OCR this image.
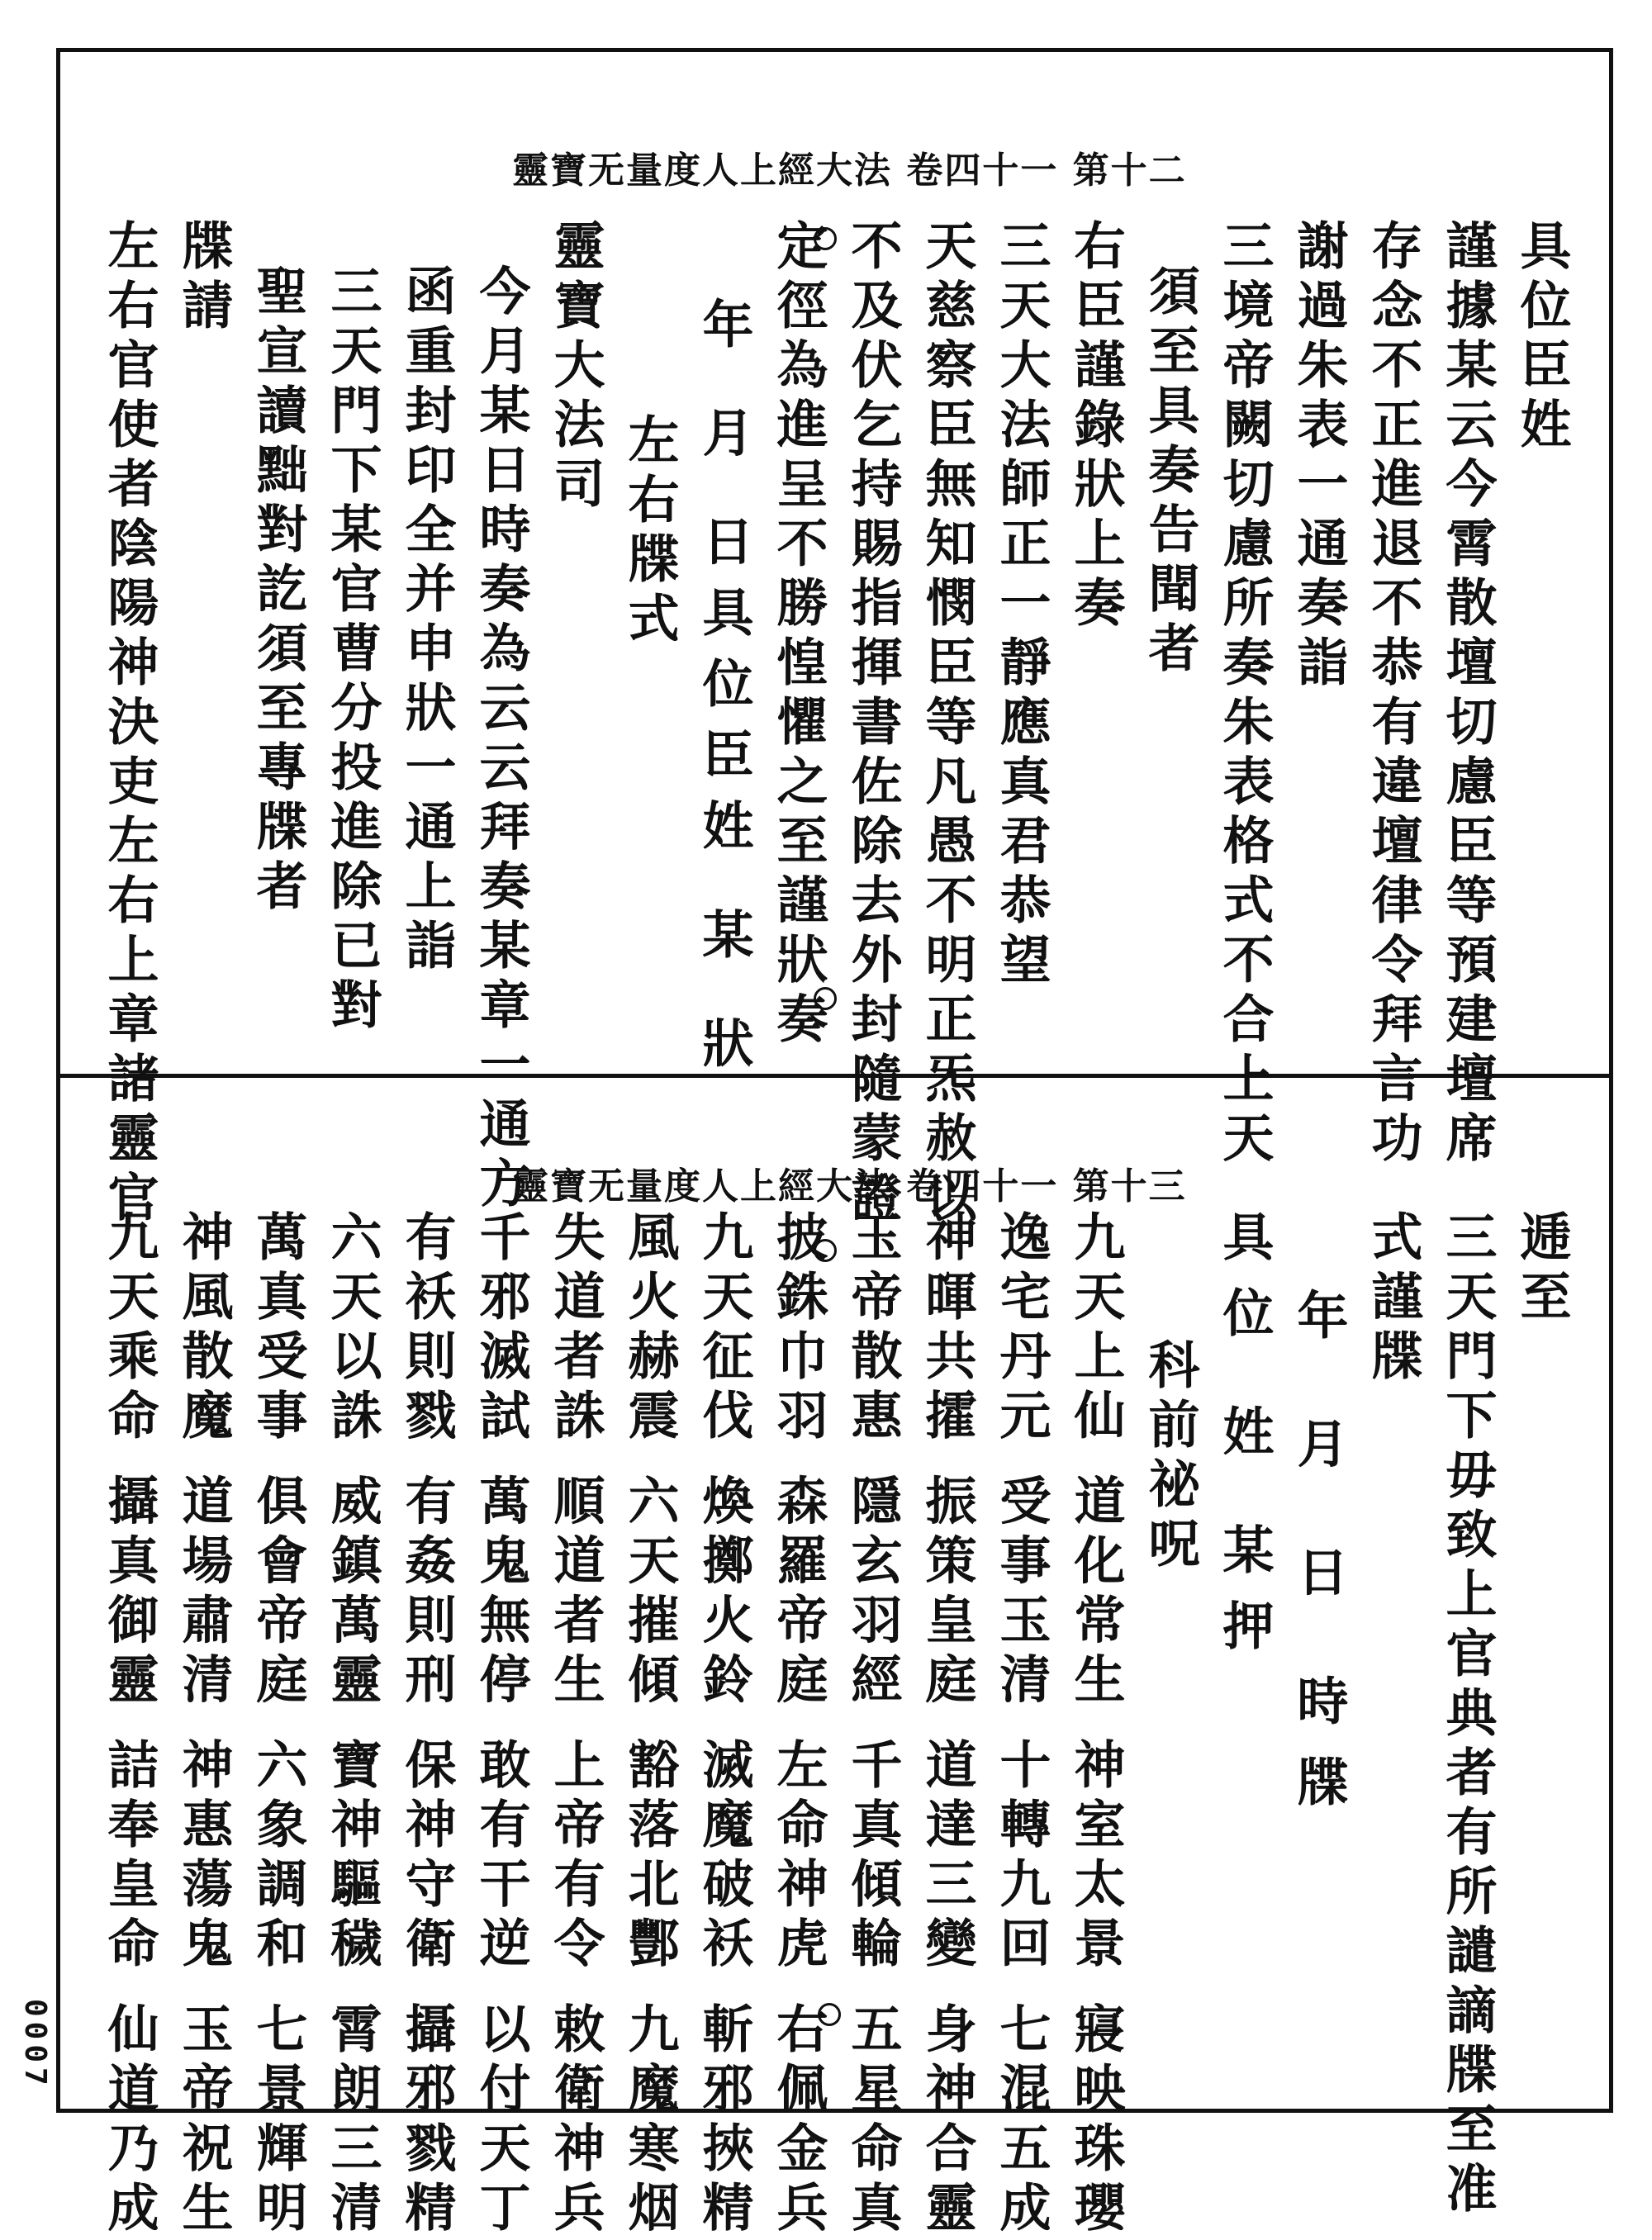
0007
靈寶无量度人上經大法 卷四十一 第十二
具位臣姓
謹據某云今霄散壇切慮臣等預建壇席
存念不正進退不恭有違壇律令拜言功
謝過朱表一通奏詣
三境帝闕切慮所奏朱表格式不合上天
須至具奏告聞者
右臣謹錄狀上奏
三天大法師正一靜應真君恭望
天慈察臣無知憫臣等凡愚不明正炁赦以
不及伏乞持賜指揮書佐除去外封隨蒙證
定徑為進呈不勝惶懼之至謹狀奏
年 月 日具位臣姓 某 狀
左右牒式
靈寶大法司
今月某日時奏為云云拜奏某章一通方
函重封印全并申狀一通上詣
三天門下某官曹分投進除已對
聖宣讀黜對訖須至專牒者
牒請
左右官使者陰陽神決吏左右上章諸靈官	靈寶无量度人上經大法 卷四十一 第十三
逓至
三天門下毋致上官典者有所譴謫牒至准
式謹牒
年 月 日 時牒
具位 姓 某押
科前祕呪
九天上仙 道化常生 神室太景 寢映珠瓔
逸宅丹元 受事玉清 十轉九回 七混五成
神暉共攉 振策皇庭 道達三變 身神合靈
玉帝散惠 隱玄羽經 千真傾輪 五星命真
披銖巾羽 森羅帝庭 左命神虎 右佩金兵
九天征伐 煥擲火鈴 滅魔破袄 斬邪挾精
風火赫震 六天摧傾 豁落北酆 九魔寒烟
失道者誅 順道者生 上帝有令 敕衛神兵
千邪滅試 萬鬼無停 敢有干逆 以付天丁
有袄則戮 有姦則刑 保神守衛 攝邪戮精
六天以誅 威鎮萬靈 寶神驅穢 霄朗三清
萬真受事 俱會帝庭 六象調和 七景輝明
神風散魔 道場肅清 神惠蕩鬼 玉帝祝生
九天乘命 攝真御靈 詰奉皇命 仙道乃成
